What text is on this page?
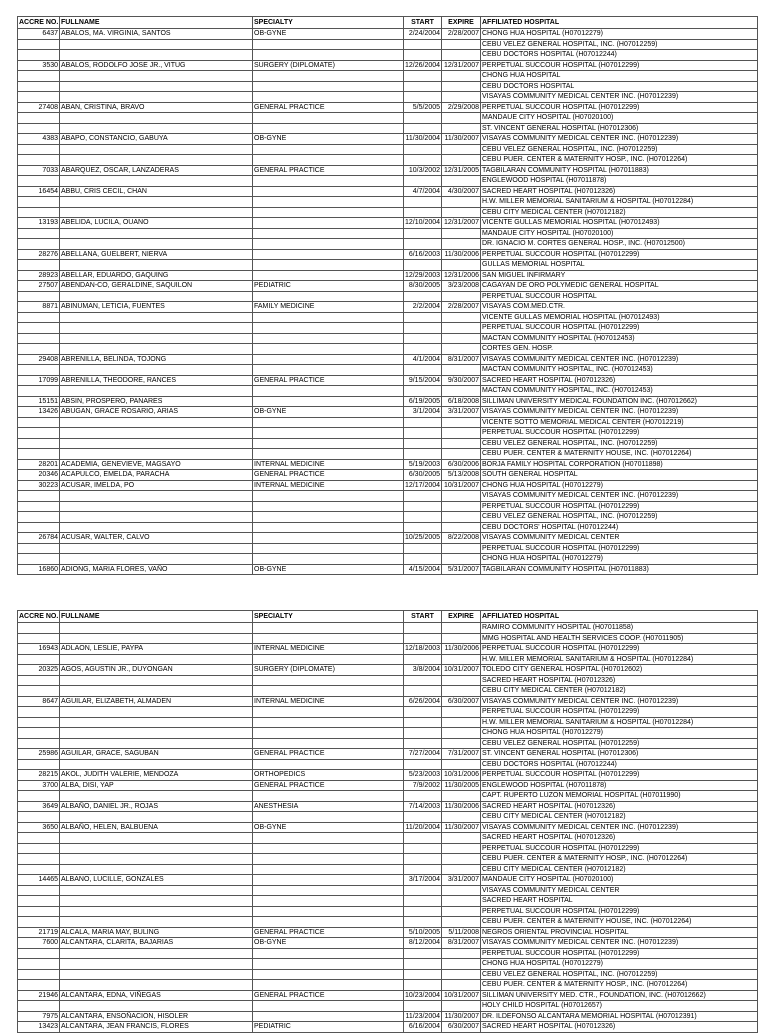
ACCRE NO.	FULLNAME	SPECIALTY	START	EXPIRE	AFFILIATED HOSPITAL
6437	ABALOS, MA. VIRGINIA, SANTOS	OB-GYNE	2/24/2004	2/28/2007	CHONG HUA HOSPITAL (H07012279)
					CEBU VELEZ GENERAL HOSPITAL, INC. (H07012259)
					CEBU DOCTORS HOSPITAL (H07012244)
3530	ABALOS, RODOLFO JOSE JR., VITUG	SURGERY (DIPLOMATE)	12/26/2004	12/31/2007	PERPETUAL SUCCOUR HOSPITAL (H07012299)
					CHONG HUA HOSPITAL
					CEBU DOCTORS HOSPITAL
					VISAYAS COMMUNITY MEDICAL CENTER INC. (H07012239)
27408	ABAN, CRISTINA, BRAVO	GENERAL PRACTICE	5/5/2005	2/29/2008	PERPETUAL SUCCOUR HOSPITAL (H07012299)
					MANDAUE CITY HOSPITAL (H07020100)
					ST. VINCENT GENERAL HOSPITAL (H07012306)
4383	ABAPO, CONSTANCIO, GABUYA	OB-GYNE	11/30/2004	11/30/2007	VISAYAS COMMUNITY MEDICAL CENTER INC. (H07012239)
					CEBU VELEZ GENERAL HOSPITAL, INC. (H07012259)
					CEBU PUER. CENTER & MATERNITY HOSP., INC. (H07012264)
7033	ABARQUEZ, OSCAR, LANZADERAS	GENERAL PRACTICE	10/3/2002	12/31/2005	TAGBILARAN COMMUNITY HOSPITAL (H07011883)
					ENGLEWOOD HOSPITAL (H07011878)
16454	ABBU, CRIS CECIL, CHAN		4/7/2004	4/30/2007	SACRED HEART HOSPITAL (H07012326)
					H.W. MILLER MEMORIAL SANITARIUM & HOSPITAL (H07012284)
					CEBU CITY MEDICAL CENTER (H07012182)
13193	ABELIDA, LUCILA, OUANO		12/10/2004	12/31/2007	VICENTE GULLAS MEMORIAL HOSPITAL (H07012493)
					MANDAUE CITY HOSPITAL (H07020100)
					DR. IGNACIO M. CORTES GENERAL HOSP., INC. (H07012500)
28276	ABELLANA, GUELBERT, NIERVA		6/16/2003	11/30/2006	PERPETUAL SUCCOUR HOSPITAL (H07012299)
					GULLAS MEMORIAL HOSPITAL
28923	ABELLAR, EDUARDO, GAQUING		12/29/2003	12/31/2006	SAN MIGUEL INFIRMARY
27507	ABENDAN-CO, GERALDINE, SAQUILON	PEDIATRIC	8/30/2005	3/23/2008	CAGAYAN DE ORO POLYMEDIC GENERAL HOSPITAL
					PERPETUAL SUCCOUR HOSPITAL
8871	ABINUMAN, LETICIA, FUENTES	FAMILY MEDICINE	2/2/2004	2/28/2007	VISAYAS COM.MED.CTR.
					VICENTE GULLAS MEMORIAL HOSPITAL (H07012493)
					PERPETUAL SUCCOUR HOSPITAL (H07012299)
					MACTAN COMMUNITY HOSPITAL (H07012453)
					CORTES GEN. HOSP.
29408	ABRENILLA, BELINDA, TOJONG		4/1/2004	8/31/2007	VISAYAS COMMUNITY MEDICAL CENTER INC. (H07012239)
					MACTAN COMMUNITY HOSPITAL, INC. (H07012453)
17099	ABRENILLA, THEODORE, RANCES	GENERAL PRACTICE	9/15/2004	9/30/2007	SACRED HEART HOSPITAL (H07012326)
					MACTAN COMMUNITY HOSPITAL, INC. (H07012453)
15151	ABSIN, PROSPERO, PANARES		6/19/2005	6/18/2008	SILLIMAN UNIVERSITY MEDICAL FOUNDATION INC. (H07012662)
13426	ABUGAN, GRACE ROSARIO, ARIAS	OB-GYNE	3/1/2004	3/31/2007	VISAYAS COMMUNITY MEDICAL CENTER INC. (H07012239)
					VICENTE SOTTO MEMORIAL MEDICAL CENTER (H07012219)
					PERPETUAL SUCCOUR HOSPITAL (H07012299)
					CEBU VELEZ GENERAL HOSPITAL, INC. (H07012259)
					CEBU PUER. CENTER & MATERNITY HOUSE, INC. (H07012264)
28201	ACADEMIA, GENEVIEVE, MAGSAYO	INTERNAL MEDICINE	5/19/2003	6/30/2006	BORJA FAMILY HOSPITAL CORPORATION (H07011898)
20346	ACAPULCO, EMELDA, PARACHA	GENERAL PRACTICE	6/30/2005	5/13/2008	SOUTH GENERAL HOSPITAL
30223	ACUSAR, IMELDA, PO	INTERNAL MEDICINE	12/17/2004	10/31/2007	CHONG HUA HOSPITAL (H07012279)
					VISAYAS COMMUNITY MEDICAL CENTER INC. (H07012239)
					PERPETUAL SUCCOUR HOSPITAL (H07012299)
					CEBU VELEZ GENERAL HOSPITAL, INC. (H07012259)
					CEBU DOCTORS' HOSPITAL (H07012244)
26784	ACUSAR, WALTER, CALVO		10/25/2005	8/22/2008	VISAYAS COMMUNITY MEDICAL CENTER
					PERPETUAL SUCCOUR HOSPITAL (H07012299)
					CHONG HUA HOSPITAL (H07012279)
16860	ADIONG, MARIA FLORES, VAÑO	OB-GYNE	4/15/2004	5/31/2007	TAGBILARAN COMMUNITY HOSPITAL (H07011883)
ACCRE NO.	FULLNAME	SPECIALTY	START	EXPIRE	AFFILIATED HOSPITAL
					RAMIRO COMMUNITY HOSPITAL (H07011858)
					MMG HOSPITAL AND HEALTH SERVICES COOP. (H07011905)
16943	ADLAON, LESLIE, PAYPA	INTERNAL MEDICINE	12/18/2003	11/30/2006	PERPETUAL SUCCOUR HOSPITAL (H07012299)
					H.W. MILLER MEMORIAL SANITARIUM & HOSPITAL (H07012284)
20325	AGOS, AGUSTIN JR., DUYONGAN	SURGERY (DIPLOMATE)	3/8/2004	10/31/2007	TOLEDO CITY GENERAL HOSPITAL (H07012602)
					SACRED HEART HOSPITAL (H07012326)
					CEBU CITY MEDICAL CENTER (H07012182)
8647	AGUILAR, ELIZABETH, ALMADEN	INTERNAL MEDICINE	6/26/2004	6/30/2007	VISAYAS COMMUNITY MEDICAL CENTER INC. (H07012239)
					PERPETUAL SUCCOUR HOSPITAL (H07012299)
					H.W. MILLER MEMORIAL SANITARIUM & HOSPITAL (H07012284)
					CHONG HUA HOSPITAL (H07012279)
					CEBU VELEZ GENERAL HOSPITAL (H07012259)
25986	AGUILAR, GRACE, SAGUBAN	GENERAL PRACTICE	7/27/2004	7/31/2007	ST. VINCENT GENERAL HOSPITAL (H07012306)
					CEBU DOCTORS HOSPITAL (H07012244)
28215	AKOL, JUDITH VALERIE, MENDOZA	ORTHOPEDICS	5/23/2003	10/31/2006	PERPETUAL SUCCOUR HOSPITAL (H07012299)
3700	ALBA, DISI, YAP	GENERAL PRACTICE	7/9/2002	11/30/2005	ENGLEWOOD HOSPITAL (H07011878)
					CAPT. RUPERTO LUZON MEMORIAL HOSPITAL (H07011990)
3649	ALBAÑO, DANIEL JR., ROJAS	ANESTHESIA	7/14/2003	11/30/2006	SACRED HEART HOSPITAL (H07012326)
					CEBU CITY MEDICAL CENTER (H07012182)
3650	ALBAÑO, HELEN, BALBUENA	OB-GYNE	11/20/2004	11/30/2007	VISAYAS COMMUNITY MEDICAL CENTER INC. (H07012239)
					SACRED HEART HOSPITAL (H07012326)
					PERPETUAL SUCCOUR HOSPITAL (H07012299)
					CEBU PUER. CENTER & MATERNITY HOSP., INC. (H07012264)
					CEBU CITY MEDICAL CENTER (H07012182)
14465	ALBANO, LUCILLE, GONZALES		3/17/2004	3/31/2007	MANDAUE CITY HOSPITAL (H07020100)
					VISAYAS COMMUNITY MEDICAL CENTER
					SACRED HEART HOSPITAL
					PERPETUAL SUCCOUR HOSPITAL (H07012299)
					CEBU PUER. CENTER & MATERNITY HOUSE, INC. (H07012264)
21719	ALCALA, MARIA MAY, BULING	GENERAL PRACTICE	5/10/2005	5/11/2008	NEGROS ORIENTAL PROVINCIAL HOSPITAL
7600	ALCANTARA, CLARITA, BAJARIAS	OB-GYNE	8/12/2004	8/31/2007	VISAYAS COMMUNITY MEDICAL CENTER INC. (H07012239)
					PERPETUAL SUCCOUR HOSPITAL (H07012299)
					CHONG HUA HOSPITAL (H07012279)
					CEBU VELEZ GENERAL HOSPITAL, INC. (H07012259)
					CEBU PUER. CENTER & MATERNITY HOSP., INC. (H07012264)
21946	ALCANTARA, EDNA, VIÑEGAS	GENERAL PRACTICE	10/23/2004	10/31/2007	SILLIMAN UNIVERSITY MED. CTR., FOUNDATION, INC. (H07012662)
					HOLY CHILD HOSPITAL (H07012657)
7975	ALCANTARA, ENSOÑACION, HISOLER		11/23/2004	11/30/2007	DR. ILDEFONSO ALCANTARA MEMORIAL HOSPITAL (H07012391)
13423	ALCANTARA, JEAN FRANCIS, FLORES	PEDIATRIC	6/16/2004	6/30/2007	SACRED HEART HOSPITAL (H07012326)
